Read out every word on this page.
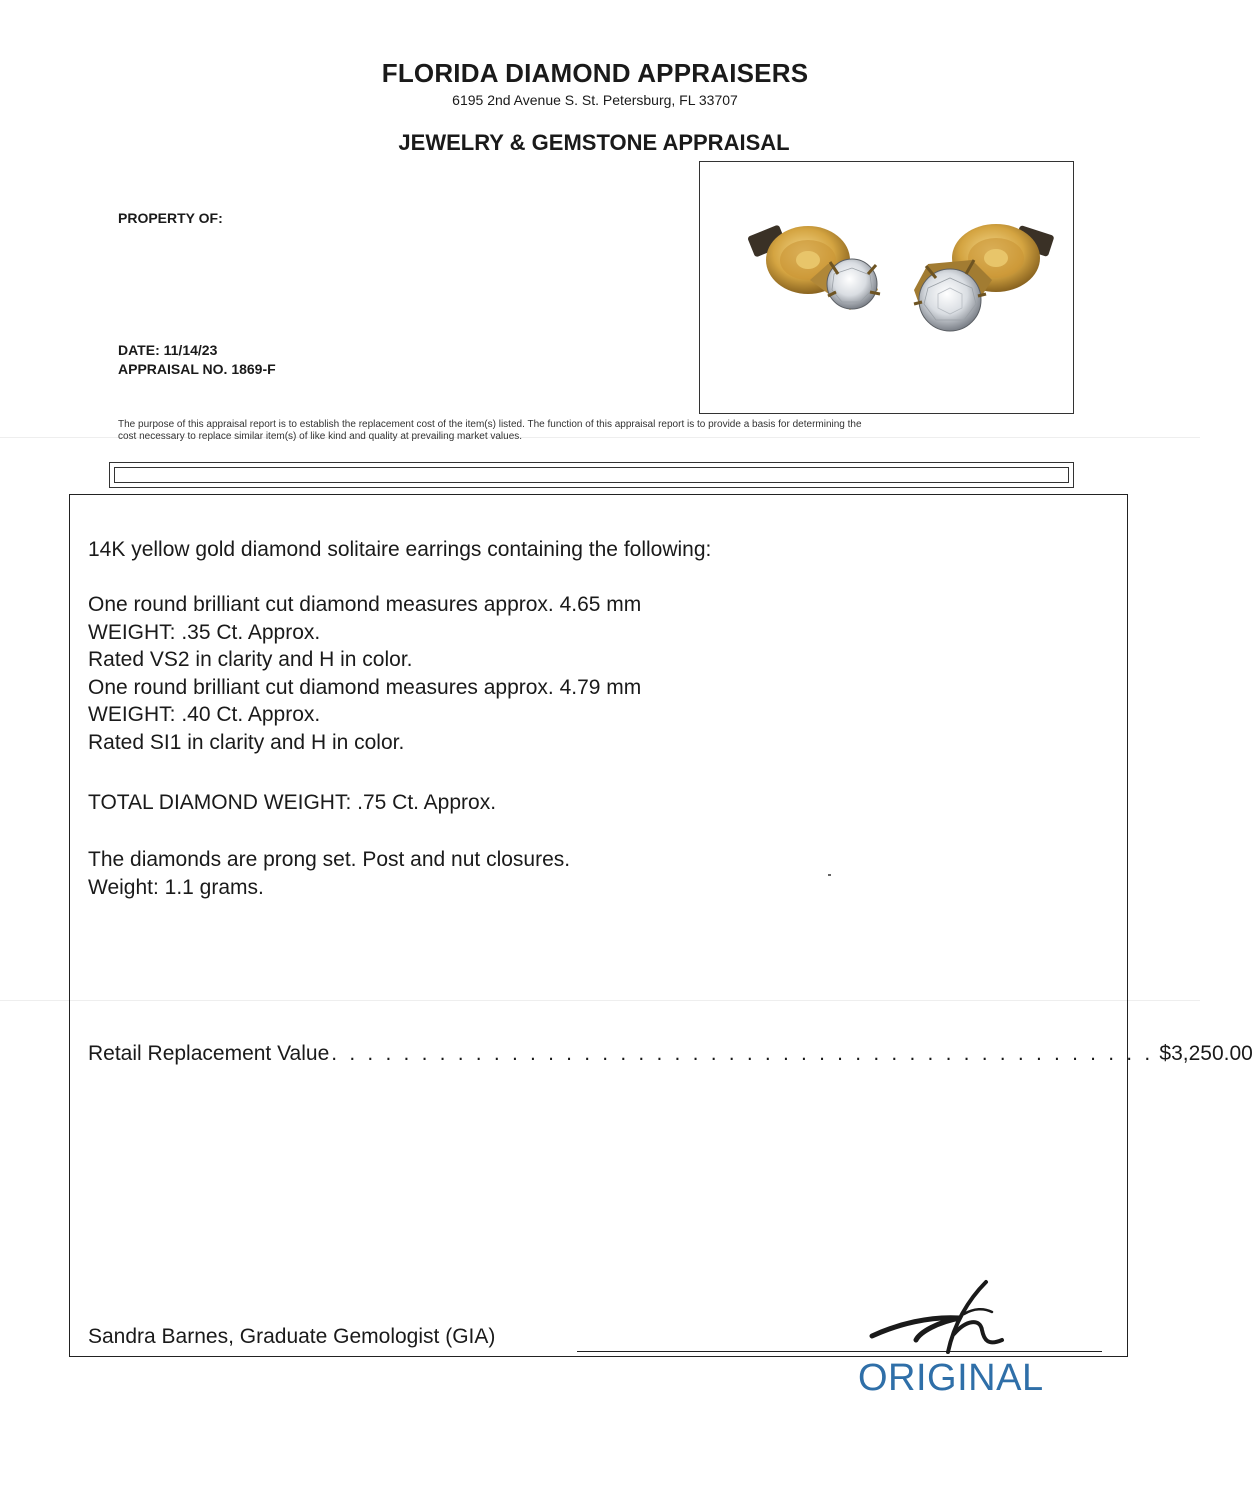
FLORIDA DIAMOND APPRAISERS
6195 2nd Avenue S. St. Petersburg, FL 33707
JEWELRY & GEMSTONE APPRAISAL
PROPERTY OF:
DATE: 11/14/23
APPRAISAL NO. 1869-F
The purpose of this appraisal report is to establish the replacement cost of the item(s) listed. The function of this appraisal report is to provide a basis for determining the
cost necessary to replace similar item(s) of like kind and quality at prevailing market values.
14K yellow gold diamond solitaire earrings containing the following:
One round brilliant cut diamond measures approx. 4.65 mm
WEIGHT: .35 Ct. Approx.
Rated VS2 in clarity and H in color.
One round brilliant cut diamond measures approx. 4.79 mm
WEIGHT: .40 Ct. Approx.
Rated SI1 in clarity and H in color.
TOTAL DIAMOND WEIGHT: .75 Ct. Approx.
The diamonds are prong set. Post and nut closures.
Weight: 1.1 grams.
Retail Replacement Value . . . . . . . . . . . . . . . . . . . . . . . . . . . . . . . . . . . . . . . . . . . . . . $3,250.00
Sandra Barnes, Graduate Gemologist (GIA)
ORIGINAL
